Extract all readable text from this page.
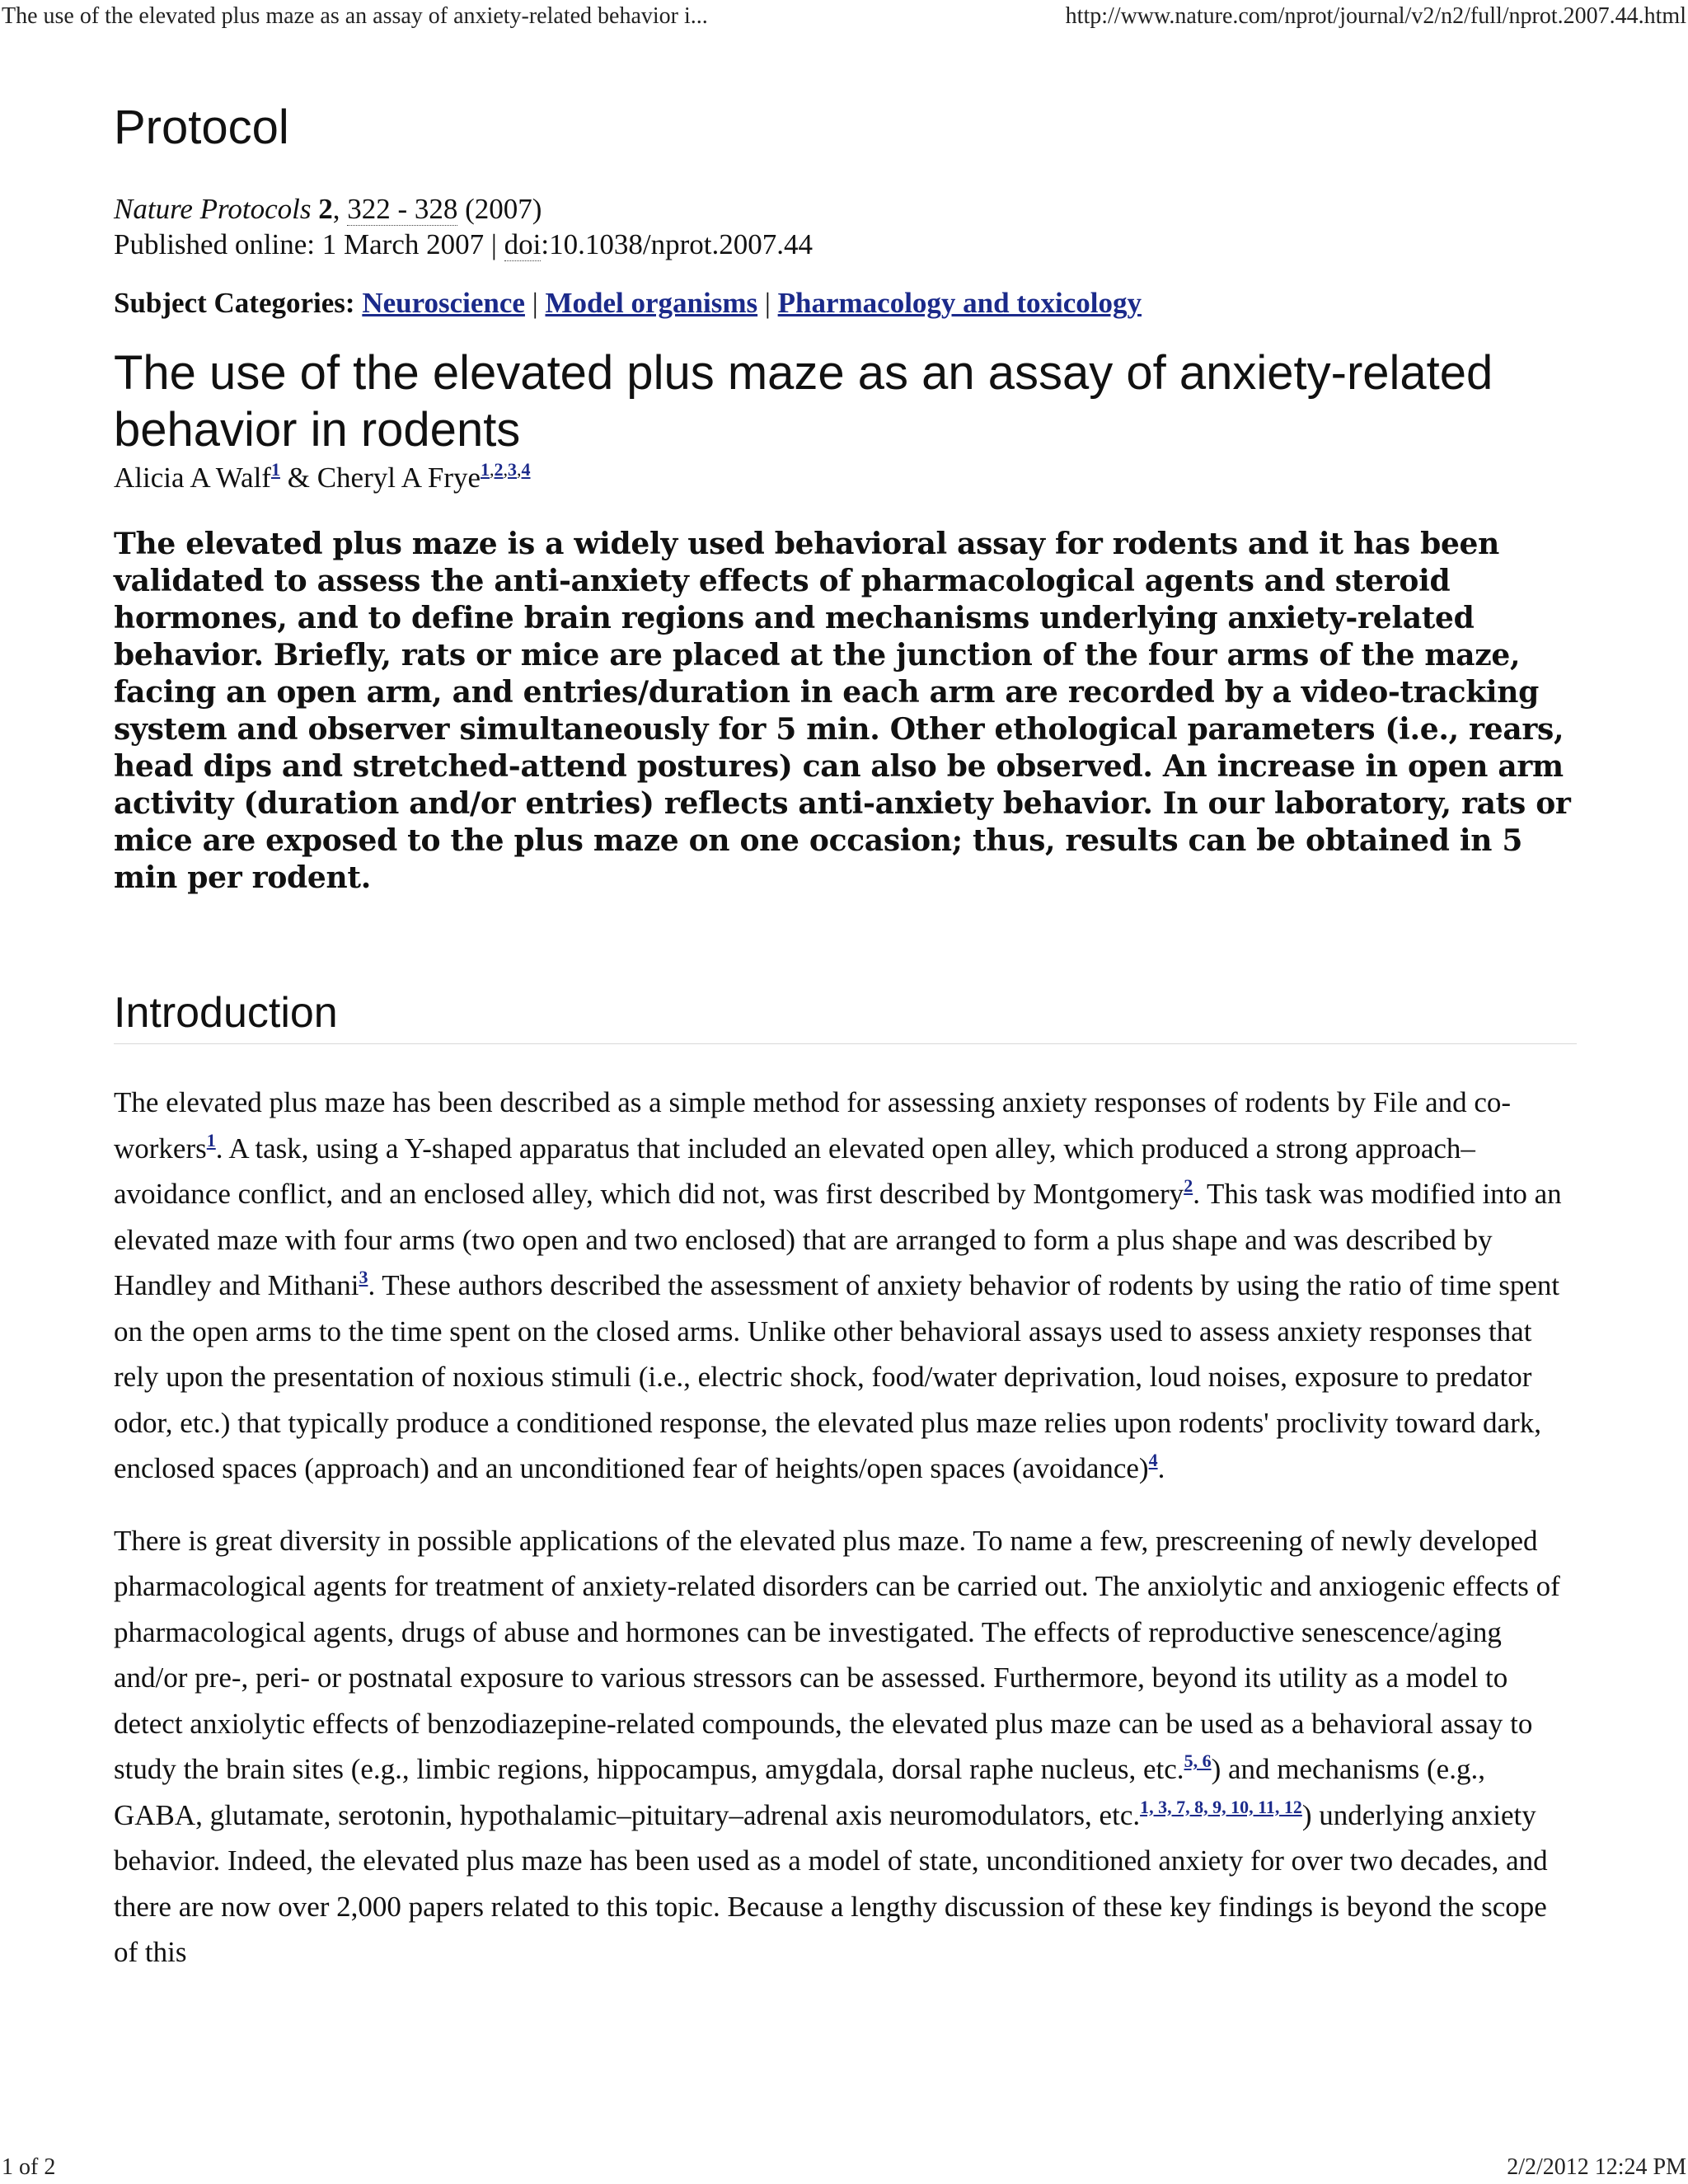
The use of the elevated plus maze as an assay of anxiety-related behavior i...	http://www.nature.com/nprot/journal/v2/n2/full/nprot.2007.44.html
Protocol
Nature Protocols 2, 322 - 328 (2007)
Published online: 1 March 2007 | doi:10.1038/nprot.2007.44
Subject Categories: Neuroscience | Model organisms | Pharmacology and toxicology
The use of the elevated plus maze as an assay of anxiety-related behavior in rodents
Alicia A Walf$^1$ & Cheryl A Frye$^{1,2,3,4}$

The elevated plus maze is a widely used behavioral assay for rodents and it has been validated to assess the anti-anxiety effects of pharmacological agents and steroid hormones, and to define brain regions and mechanisms underlying anxiety-related behavior. Briefly, rats or mice are placed at the junction of the four arms of the maze, facing an open arm, and entries/duration in each arm are recorded by a video-tracking system and observer simultaneously for 5 min. Other ethological parameters (i.e., rears, head dips and stretched-attend postures) can also be observed. An increase in open arm activity (duration and/or entries) reflects anti-anxiety behavior. In our laboratory, rats or mice are exposed to the plus maze on one occasion; thus, results can be obtained in 5 min per rodent.

Introduction

The elevated plus maze has been described as a simple method for assessing anxiety responses of rodents by File and co-workers$^1$. A task, using a Y-shaped apparatus that included an elevated open alley, which produced a strong approach–avoidance conflict, and an enclosed alley, which did not, was first described by Montgomery$^2$. This task was modified into an elevated maze with four arms (two open and two enclosed) that are arranged to form a plus shape and was described by Handley and Mithani$^3$. These authors described the assessment of anxiety behavior of rodents by using the ratio of time spent on the open arms to the time spent on the closed arms. Unlike other behavioral assays used to assess anxiety responses that rely upon the presentation of noxious stimuli (i.e., electric shock, food/water deprivation, loud noises, exposure to predator odor, etc.) that typically produce a conditioned response, the elevated plus maze relies upon rodents' proclivity toward dark, enclosed spaces (approach) and an unconditioned fear of heights/open spaces (avoidance)$^4$.

There is great diversity in possible applications of the elevated plus maze. To name a few, prescreening of newly developed pharmacological agents for treatment of anxiety-related disorders can be carried out. The anxiolytic and anxiogenic effects of pharmacological agents, drugs of abuse and hormones can be investigated. The effects of reproductive senescence/aging and/or pre-, peri- or postnatal exposure to various stressors can be assessed. Furthermore, beyond its utility as a model to detect anxiolytic effects of benzodiazepine-related compounds, the elevated plus maze can be used as a behavioral assay to study the brain sites (e.g., limbic regions, hippocampus, amygdala, dorsal raphe nucleus, etc.$^{5, 6}$) and mechanisms (e.g., GABA, glutamate, serotonin, hypothalamic–pituitary–adrenal axis neuromodulators, etc.$^{1, 3, 7, 8, 9, 10, 11, 12}$) underlying anxiety behavior. Indeed, the elevated plus maze has been used as a model of state, unconditioned anxiety for over two decades, and there are now over 2,000 papers related to this topic. Because a lengthy discussion of these key findings is beyond the scope of this

1 of 2	2/2/2012 12:24 PM
